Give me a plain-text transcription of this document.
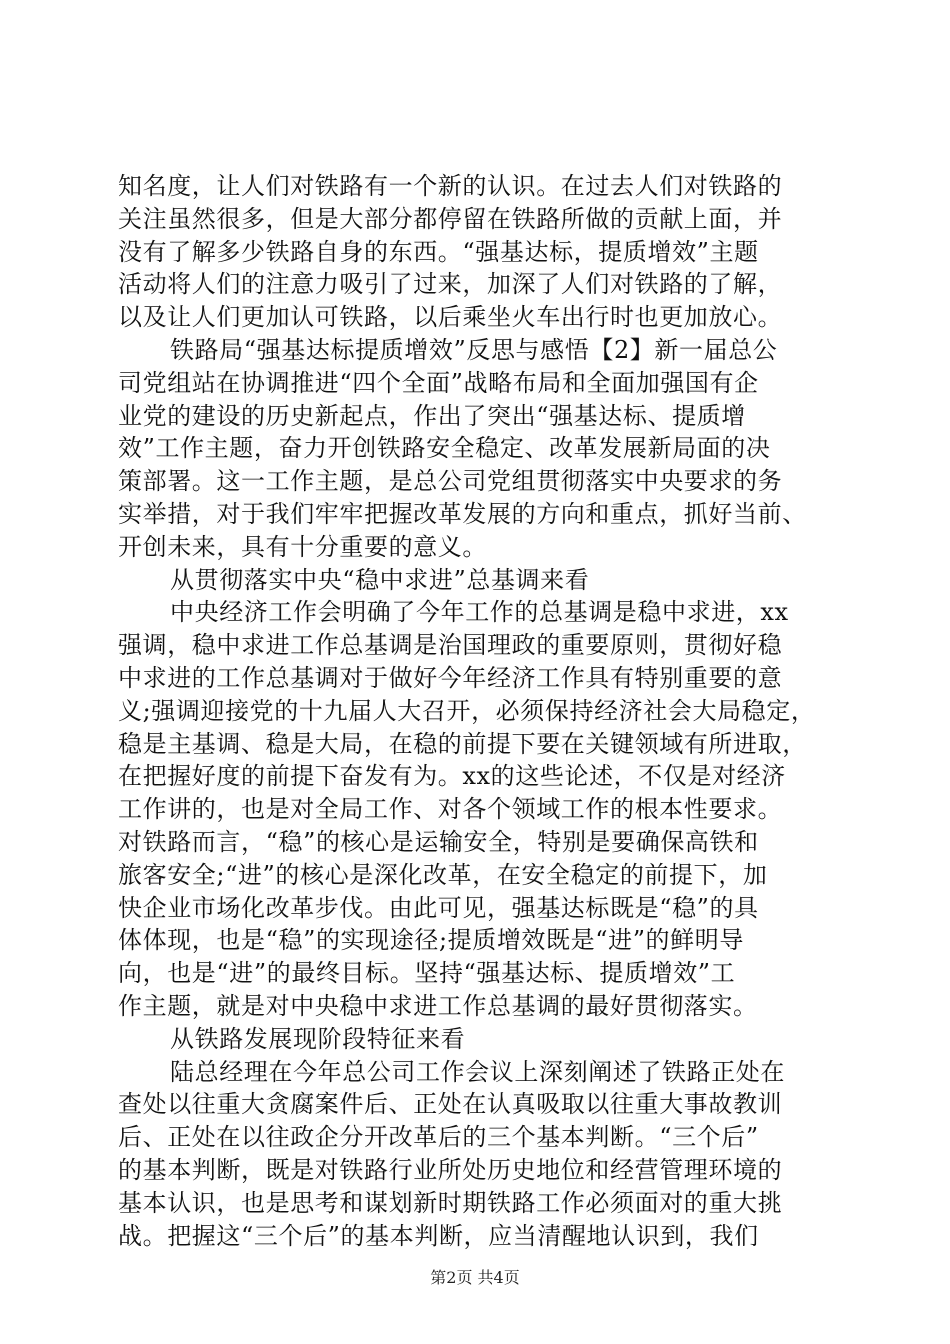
知名度，让人们对铁路有一个新的认识。在过去人们对铁路的
关注虽然很多，但是大部分都停留在铁路所做的贡献上面，并
没有了解多少铁路自身的东西。“强基达标，提质增效”主题
活动将人们的注意力吸引了过来，加深了人们对铁路的了解，
以及让人们更加认可铁路，以后乘坐火车出行时也更加放心。
铁路局“强基达标提质增效”反思与感悟【2】新一届总公
司党组站在协调推进“四个全面”战略布局和全面加强国有企
业党的建设的历史新起点，作出了突出“强基达标、提质增
效”工作主题，奋力开创铁路安全稳定、改革发展新局面的决
策部署。这一工作主题，是总公司党组贯彻落实中央要求的务
实举措，对于我们牢牢把握改革发展的方向和重点，抓好当前、
开创未来，具有十分重要的意义。
从贯彻落实中央“稳中求进”总基调来看
中央经济工作会明确了今年工作的总基调是稳中求进，xx
强调，稳中求进工作总基调是治国理政的重要原则，贯彻好稳
中求进的工作总基调对于做好今年经济工作具有特别重要的意
义;强调迎接党的十九届人大召开，必须保持经济社会大局稳定，
稳是主基调、稳是大局，在稳的前提下要在关键领域有所进取，
在把握好度的前提下奋发有为。xx的这些论述，不仅是对经济
工作讲的，也是对全局工作、对各个领域工作的根本性要求。
对铁路而言，“稳”的核心是运输安全，特别是要确保高铁和
旅客安全;“进”的核心是深化改革，在安全稳定的前提下，加
快企业市场化改革步伐。由此可见，强基达标既是“稳”的具
体体现，也是“稳”的实现途径;提质增效既是“进”的鲜明导
向，也是“进”的最终目标。坚持“强基达标、提质增效”工
作主题，就是对中央稳中求进工作总基调的最好贯彻落实。
从铁路发展现阶段特征来看
陆总经理在今年总公司工作会议上深刻阐述了铁路正处在
查处以往重大贪腐案件后、正处在认真吸取以往重大事故教训
后、正处在以往政企分开改革后的三个基本判断。“三个后”
的基本判断，既是对铁路行业所处历史地位和经营管理环境的
基本认识，也是思考和谋划新时期铁路工作必须面对的重大挑
战。把握这“三个后”的基本判断，应当清醒地认识到，我们
第2页 共4页
